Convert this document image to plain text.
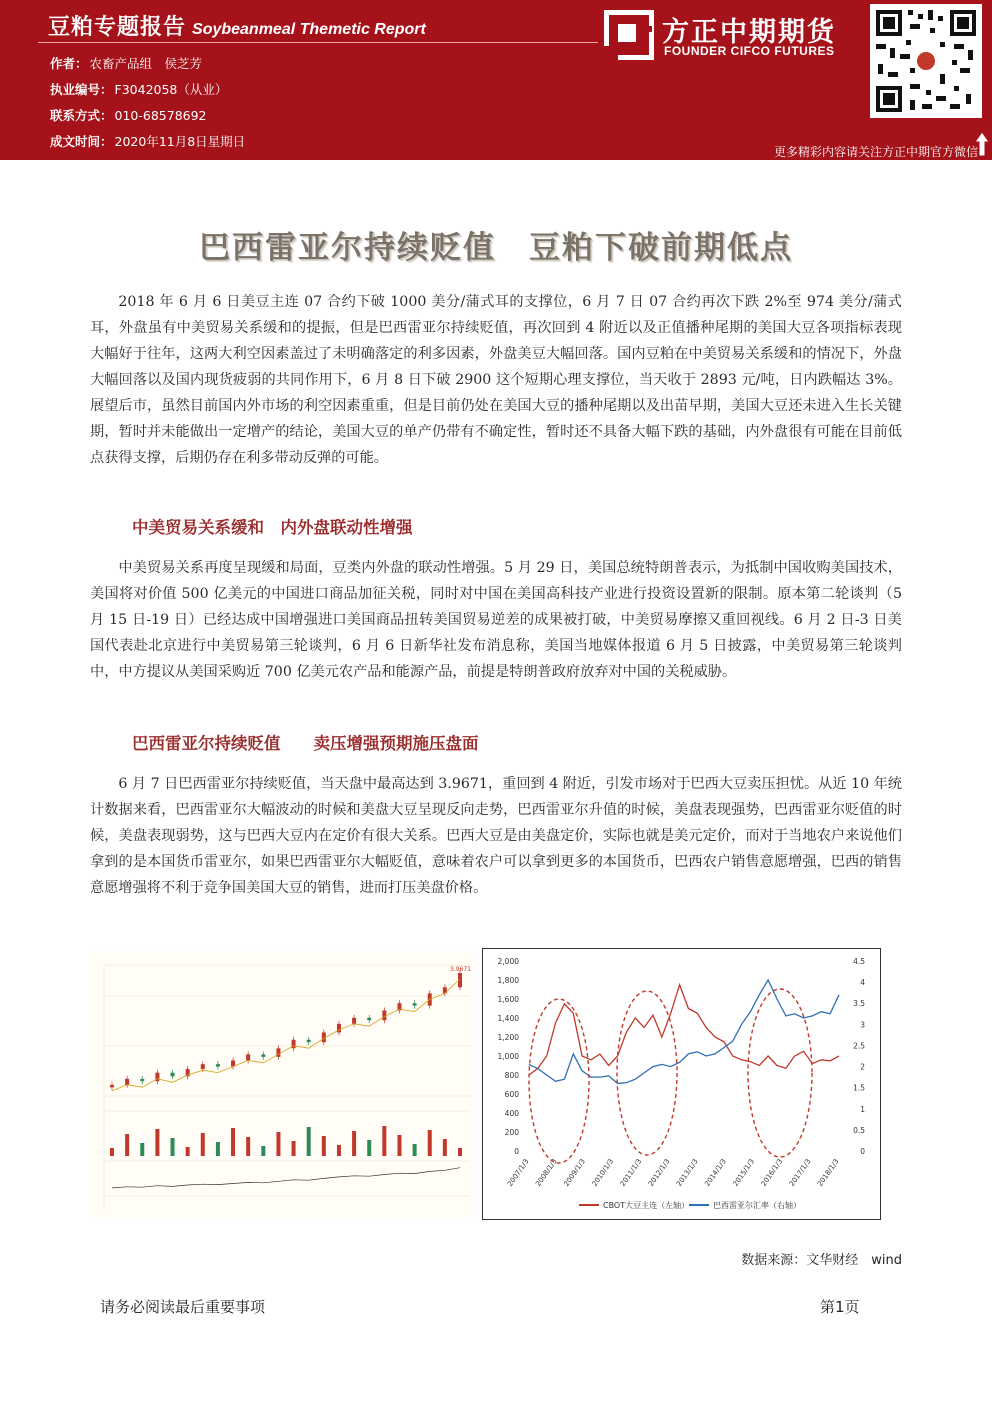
豆粕专题报告 Soybeanmeal Themetic Report
作者： 农畜产品组　侯芝芳
执业编号： F3042058（从业）
联系方式： 010-68578692
成文时间： 2020年11月8日星期日
方正中期期货
FOUNDER CIFCO FUTURES
更多精彩内容请关注方正中期官方微信
巴西雷亚尔持续贬值　豆粕下破前期低点

2018 年 6 月 6 日美豆主连 07 合约下破 1000 美分/蒲式耳的支撑位，6 月 7 日 07 合约再次下跌 2%至 974 美分/蒲式耳，外盘虽有中美贸易关系缓和的提振，但是巴西雷亚尔持续贬值，再次回到 4 附近以及正值播种尾期的美国大豆各项指标表现大幅好于往年，这两大利空因素盖过了未明确落定的利多因素，外盘美豆大幅回落。国内豆粕在中美贸易关系缓和的情况下，外盘大幅回落以及国内现货疲弱的共同作用下，6 月 8 日下破 2900 这个短期心理支撑位，当天收于 2893 元/吨，日内跌幅达 3%。展望后市，虽然目前国内外市场的利空因素重重，但是目前仍处在美国大豆的播种尾期以及出苗早期，美国大豆还未进入生长关键期，暂时并未能做出一定增产的结论，美国大豆的单产仍带有不确定性，暂时还不具备大幅下跌的基础，内外盘很有可能在目前低点获得支撑，后期仍存在利多带动反弹的可能。

中美贸易关系缓和　内外盘联动性增强

中美贸易关系再度呈现缓和局面，豆类内外盘的联动性增强。5 月 29 日，美国总统特朗普表示，为抵制中国收购美国技术，美国将对价值 500 亿美元的中国进口商品加征关税，同时对中国在美国高科技产业进行投资设置新的限制。原本第二轮谈判（5 月 15 日-19 日）已经达成中国增强进口美国商品扭转美国贸易逆差的成果被打破，中美贸易摩擦又重回视线。6 月 2 日-3 日美国代表赴北京进行中美贸易第三轮谈判，6 月 6 日新华社发布消息称，美国当地媒体报道 6 月 5 日披露，中美贸易第三轮谈判中，中方提议从美国采购近 700 亿美元农产品和能源产品，前提是特朗普政府放弃对中国的关税威胁。

巴西雷亚尔持续贬值　　卖压增强预期施压盘面

6 月 7 日巴西雷亚尔持续贬值，当天盘中最高达到 3.9671，重回到 4 附近，引发市场对于巴西大豆卖压担忧。从近 10 年统计数据来看，巴西雷亚尔大幅波动的时候和美盘大豆呈现反向走势，巴西雷亚尔升值的时候，美盘表现强势，巴西雷亚尔贬值的时候，美盘表现弱势，这与巴西大豆内在定价有很大关系。巴西大豆是由美盘定价，实际也就是美元定价，而对于当地农户来说他们拿到的是本国货币雷亚尔，如果巴西雷亚尔大幅贬值，意味着农户可以拿到更多的本国货币，巴西农户销售意愿增强，巴西的销售意愿增强将不利于竞争国美国大豆的销售，进而打压美盘价格。

3.9671
2,000
1,800
1,600
1,400
1,200
1,000
800
600
400
200
0
4.5
4
3.5
3
2.5
2
1.5
1
0.5
0
2007/1/3 2008/1/3 2009/1/3 2010/1/3 2011/1/3 2012/1/3 2013/1/3 2014/1/3 2015/1/3 2016/1/3 2017/1/3 2018/1/3
CBOT大豆主连（左轴）	巴西雷亚尔汇率（右轴）
数据来源：文华财经　wind
请务必阅读最后重要事项	第1页
